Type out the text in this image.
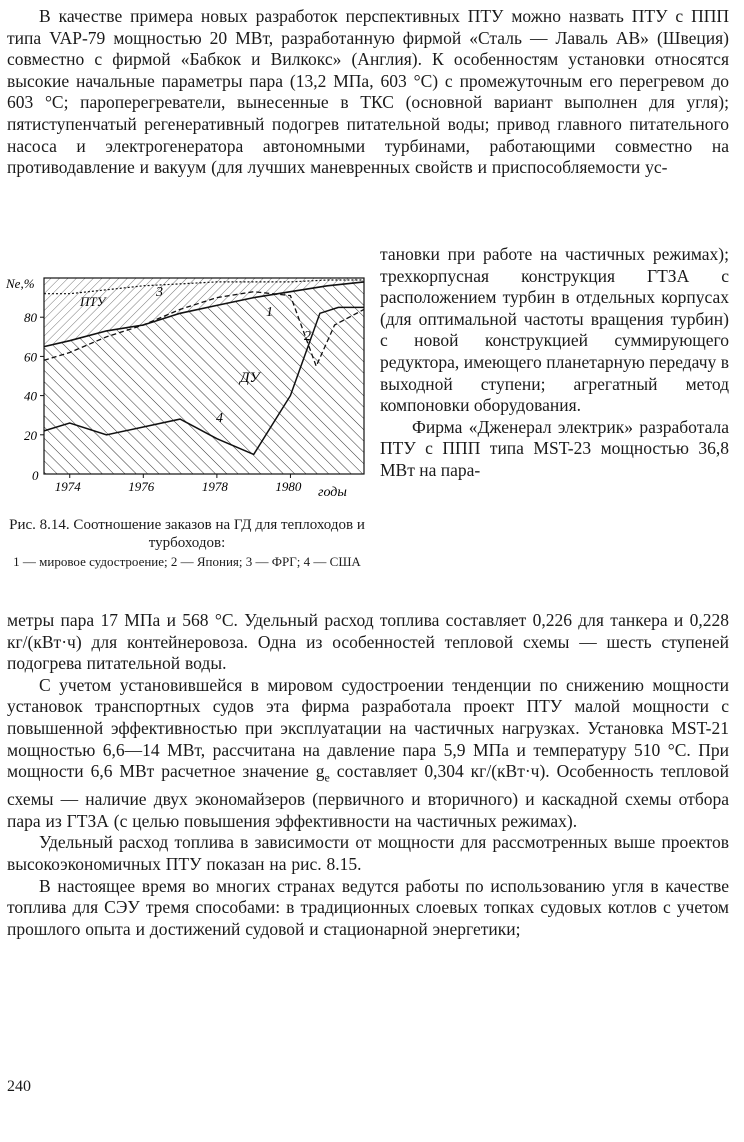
В качестве примера новых разработок перспективных ПТУ можно назвать ПТУ с ППП типа VAP-79 мощностью 20 МВт, разработанную фирмой «Сталь — Лаваль АВ» (Швеция) совместно с фирмой «Бабкок и Вилкокс» (Англия). К особенностям установки относятся высокие начальные параметры пара (13,2 МПа, 603 °С) с промежуточным его перегревом до 603 °С; пароперегреватели, вынесенные в ТКС (основной вариант выполнен для угля); пятиступенчатый регенеративный подогрев питательной воды; привод главного питательного насоса и электрогенератора автономными турбинами, работающими совместно на противодавление и вакуум (для лучших маневренных свойств и приспособляемости ус-

Ne,%
годы
ПТУ
ДУ
0
3
1
2
4
20
40
60
80
1974	1976	1978	1980

тановки при работе на частичных режимах); трехкорпусная конструкция ГТЗА с расположением турбин в отдельных корпусах (для оптимальной частоты вращения турбин) с новой конструкцией суммирующего редуктора, имеющего планетарную передачу в выходной ступени; агрегатный метод компоновки оборудования.

Фирма «Дженерал электрик» разработала ПТУ с ППП типа MST-23 мощностью 36,8 МВт на пара-

Рис. 8.14. Соотношение заказов на ГД для теплоходов и турбоходов:
1 — мировое судостроение; 2 — Япония; 3 — ФРГ; 4 — США

метры пара 17 МПа и 568 °С. Удельный расход топлива составляет 0,226 для танкера и 0,228 кг/(кВт·ч) для контейнеровоза. Одна из особенностей тепловой схемы — шесть ступеней подогрева питательной воды.

С учетом установившейся в мировом судостроении тенденции по снижению мощности установок транспортных судов эта фирма разработала проект ПТУ малой мощности с повышенной эффективностью при эксплуатации на частичных нагрузках. Установка MST-21 мощностью 6,6—14 МВт, рассчитана на давление пара 5,9 МПа и температуру 510 °С. При мощности 6,6 МВт расчетное значение $g_e$ составляет 0,304 кг/(кВт·ч). Особенность тепловой схемы — наличие двух экономайзеров (первичного и вторичного) и каскадной схемы отбора пара из ГТЗА (с целью повышения эффективности на частичных режимах).

Удельный расход топлива в зависимости от мощности для рассмотренных выше проектов высокоэкономичных ПТУ показан на рис. 8.15.

В настоящее время во многих странах ведутся работы по использованию угля в качестве топлива для СЭУ тремя способами: в традиционных слоевых топках судовых котлов с учетом прошлого опыта и достижений судовой и стационарной энергетики;

240
